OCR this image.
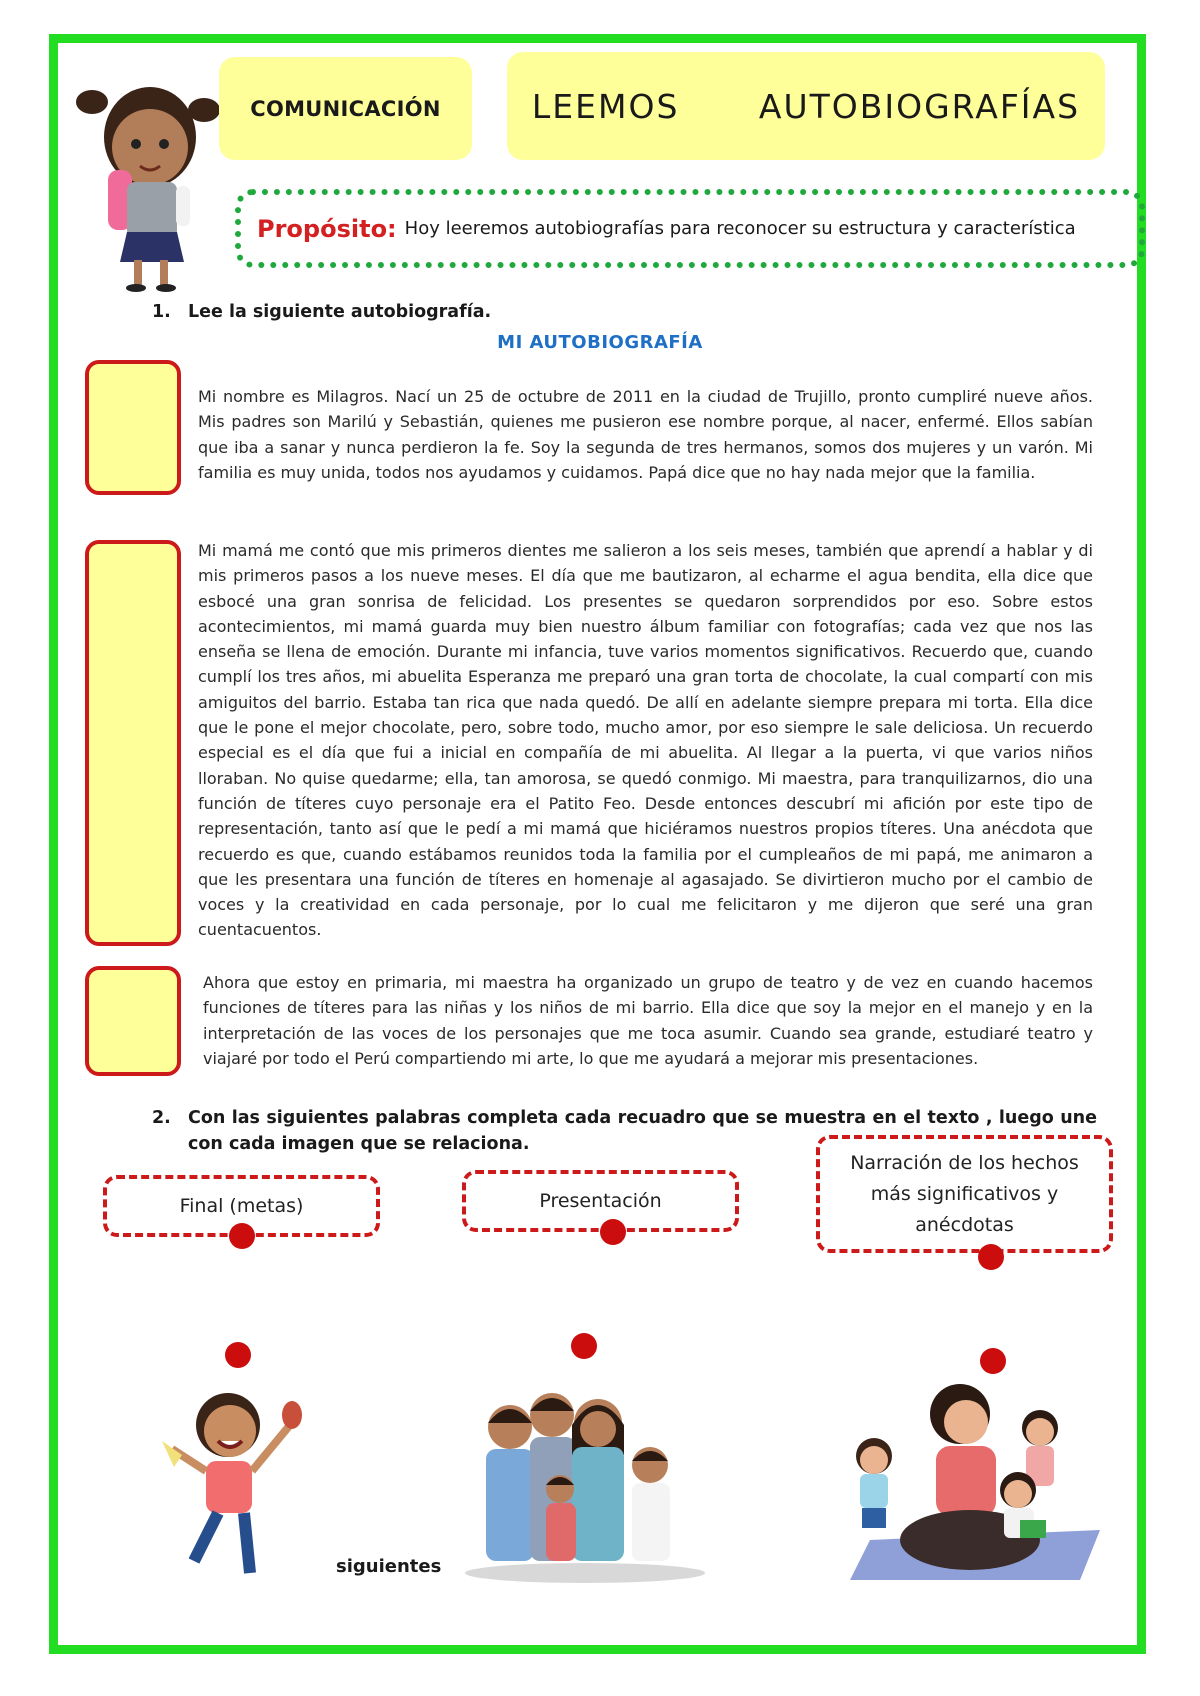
COMUNICACIÓN	LEEMOS   AUTOBIOGRAFÍAS
Propósito: Hoy leeremos autobiografías para reconocer su estructura y característica
1. Lee la siguiente autobiografía.
MI AUTOBIOGRAFÍA
Mi nombre es Milagros. Nací un 25 de octubre de 2011 en la ciudad de Trujillo, pronto cumpliré nueve años. Mis padres son Marilú y Sebastián, quienes me pusieron ese nombre porque, al nacer, enfermé. Ellos sabían que iba a sanar y nunca perdieron la fe. Soy la segunda de tres hermanos, somos dos mujeres y un varón. Mi familia es muy unida, todos nos ayudamos y cuidamos. Papá dice que no hay nada mejor que la familia.
Mi mamá me contó que mis primeros dientes me salieron a los seis meses, también que aprendí a hablar y di mis primeros pasos a los nueve meses. El día que me bautizaron, al echarme el agua bendita, ella dice que esbocé una gran sonrisa de felicidad. Los presentes se quedaron sorprendidos por eso. Sobre estos acontecimientos, mi mamá guarda muy bien nuestro álbum familiar con fotografías; cada vez que nos las enseña se llena de emoción. Durante mi infancia, tuve varios momentos significativos. Recuerdo que, cuando cumplí los tres años, mi abuelita Esperanza me preparó una gran torta de chocolate, la cual compartí con mis amiguitos del barrio. Estaba tan rica que nada quedó. De allí en adelante siempre prepara mi torta. Ella dice que le pone el mejor chocolate, pero, sobre todo, mucho amor, por eso siempre le sale deliciosa. Un recuerdo especial es el día que fui a inicial en compañía de mi abuelita. Al llegar a la puerta, vi que varios niños lloraban. No quise quedarme; ella, tan amorosa, se quedó conmigo. Mi maestra, para tranquilizarnos, dio una función de títeres cuyo personaje era el Patito Feo. Desde entonces descubrí mi afición por este tipo de representación, tanto así que le pedí a mi mamá que hiciéramos nuestros propios títeres. Una anécdota que recuerdo es que, cuando estábamos reunidos toda la familia por el cumpleaños de mi papá, me animaron a que les presentara una función de títeres en homenaje al agasajado. Se divirtieron mucho por el cambio de voces y la creatividad en cada personaje, por lo cual me felicitaron y me dijeron que seré una gran cuentacuentos.
Ahora que estoy en primaria, mi maestra ha organizado un grupo de teatro y de vez en cuando hacemos funciones de títeres para las niñas y los niños de mi barrio. Ella dice que soy la mejor en el manejo y en la interpretación de las voces de los personajes que me toca asumir. Cuando sea grande, estudiaré teatro y viajaré por todo el Perú compartiendo mi arte, lo que me ayudará a mejorar mis presentaciones.
2. Con las siguientes palabras completa cada recuadro que se muestra en el texto , luego une con cada imagen que se relaciona.
Final (metas)	Presentación
Narración de los hechos más significativos y anécdotas
siguientes
